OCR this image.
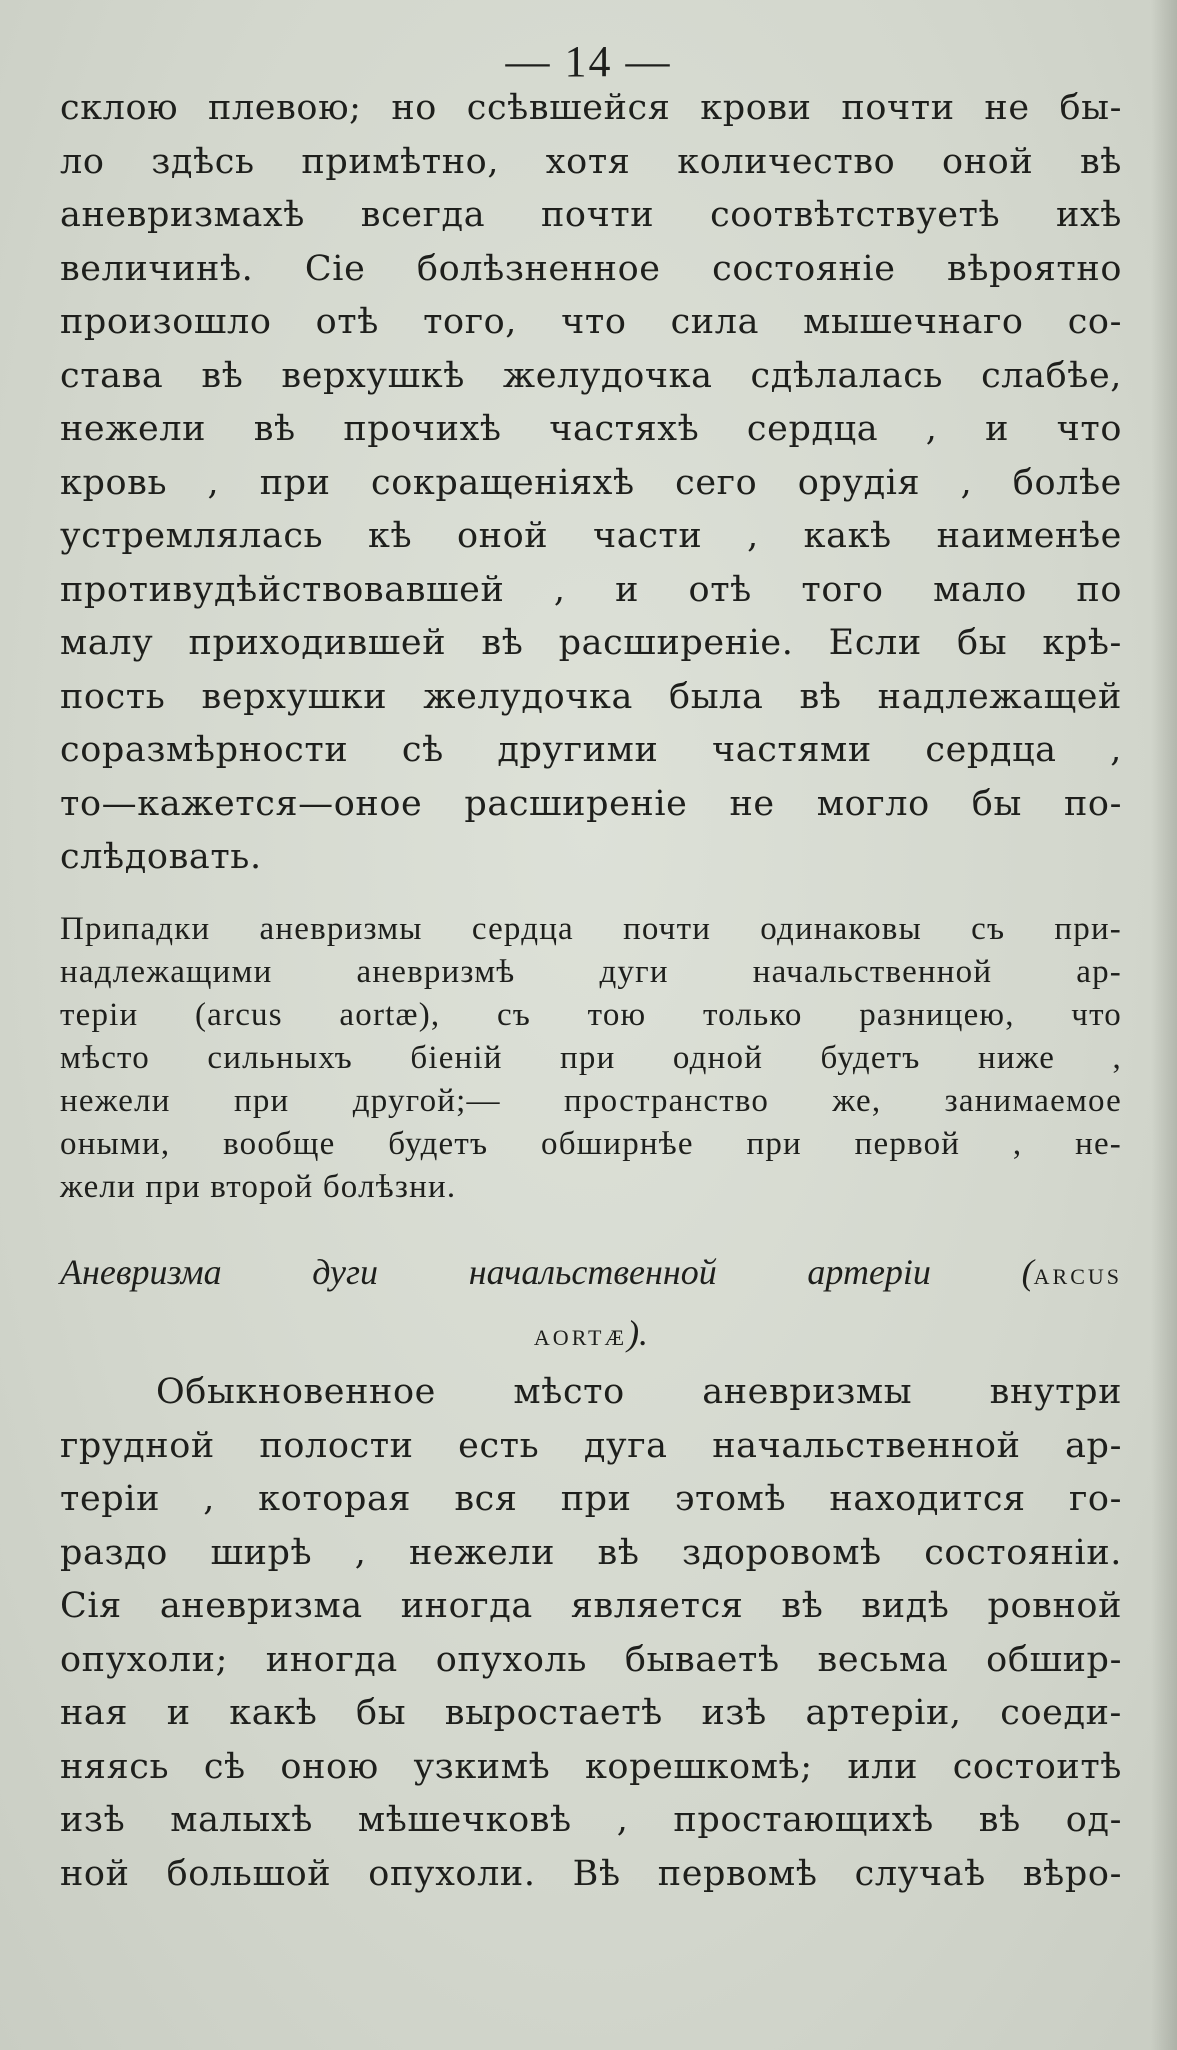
— 14 —
склою плевою; но ссѣвшейся крови почти не бы-
ло здѣсь примѣтно, хотя количество оной вѣ
аневризмахѣ всегда почти соотвѣтствуетѣ ихѣ
величинѣ. Сіе болѣзненное состояніе вѣроятно
произошло отѣ того, что сила мышечнаго со-
става вѣ верхушкѣ желудочка сдѣлалась слабѣе,
нежели вѣ прочихѣ частяхѣ сердца , и что
кровь , при сокращеніяхѣ сего орудія , болѣе
устремлялась кѣ оной части , какѣ наименѣе
противудѣйствовавшей , и отѣ того мало по
малу приходившей вѣ расширеніе. Если бы крѣ-
пость верхушки желудочка была вѣ надлежащей
соразмѣрности сѣ другими частями сердца ,
то—кажется—оное расширеніе не могло бы по-
слѣдовать.
Припадки аневризмы сердца почти одинаковы съ при-
надлежащими аневризмѣ дуги начальственной ар-
теріи (arcus aortæ), съ тою только разницею, что
мѣсто сильныхъ біеній при одной будетъ ниже ,
нежели при другой;— пространство же, занимаемое
оными, вообще будетъ обширнѣе при первой , не-
жели при второй болѣзни.
Аневризма дуги начальственной артеріи (ARCUS
AORTÆ).
Обыкновенное мѣсто аневризмы внутри
грудной полости есть дуга начальственной ар-
теріи , которая вся при этомѣ находится го-
раздо шиpѣ , нежели вѣ здоровомѣ состояніи.
Сія аневризма иногда является вѣ видѣ ровной
опухоли; иногда опухоль бываетѣ весьма обшир-
ная и какѣ бы выростаетѣ изѣ артеріи, соеди-
няясь сѣ оною узкимѣ корешкомѣ; или состоитѣ
изѣ малыхѣ мѣшечковѣ , простающихѣ вѣ од-
ной большой опухоли. Вѣ первомѣ случаѣ вѣро-
